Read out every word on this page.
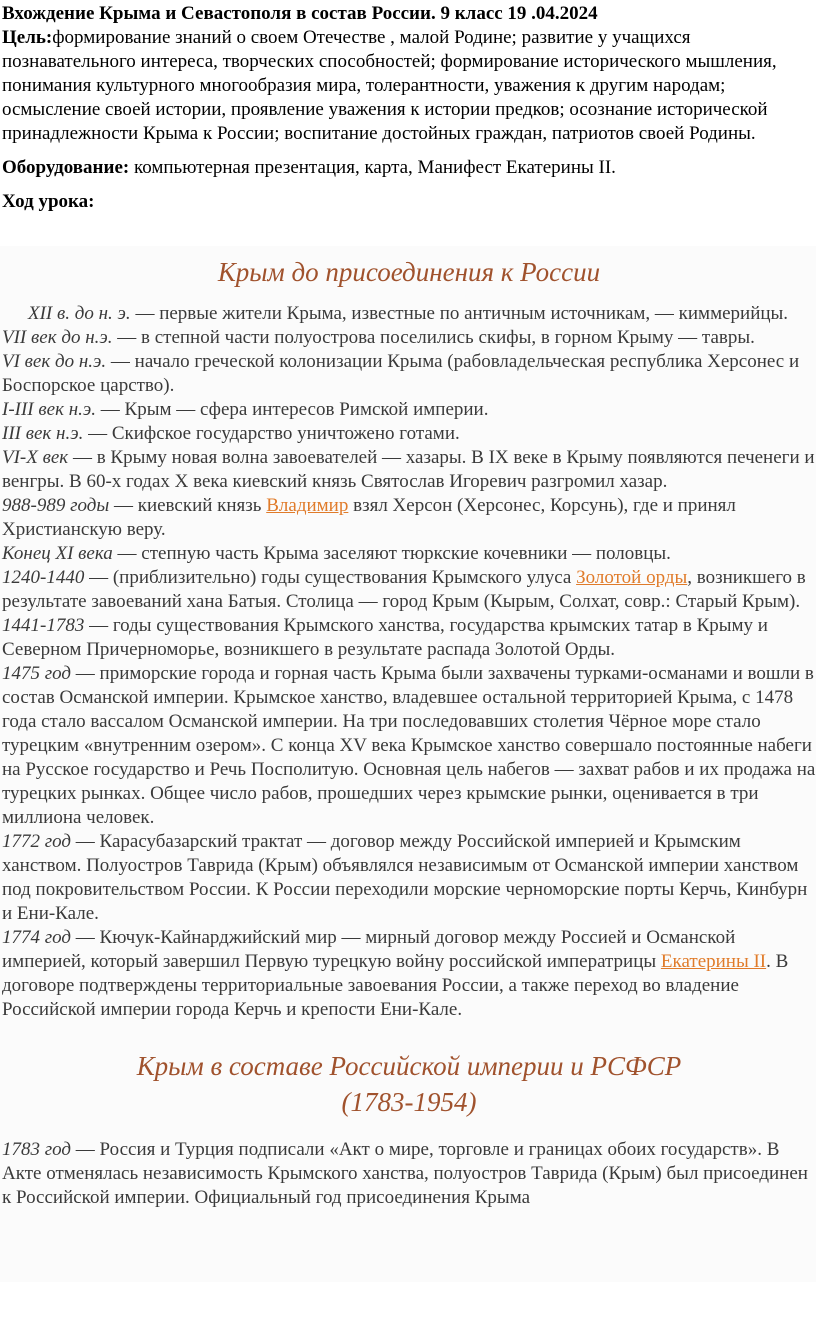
Вхождение Крыма и Севастополя в состав России. 9 класс 19 .04.2024

Цель:формирование знаний о своем Отечестве , малой Родине; развитие у учащихся познавательного интереса, творческих способностей; формирование исторического мышления, понимания культурного многообразия мира, толерантности, уважения к другим народам; осмысление своей истории, проявление уважения к истории предков; осознание исторической принадлежности Крыма к России; воспитание достойных граждан, патриотов своей Родины.

Оборудование: компьютерная презентация, карта, Манифест Екатерины II.

Ход урока:

Крым до присоединения к России

XII в. до н. э. — первые жители Крыма, известные по античным источникам, — киммерийцы.

VII век до н.э. — в степной части полуострова поселились скифы, в горном Крыму — тавры.

VI век до н.э. — начало греческой колонизации Крыма (рабовладельческая республика Херсонес и Боспорское царство).

I-III век н.э. — Крым — сфера интересов Римской империи.

III век н.э. — Скифское государство уничтожено готами.

VI-X век — в Крыму новая волна завоевателей — хазары. В IX веке в Крыму появляются печенеги и венгры. В 60-х годах X века киевский князь Святослав Игоревич разгромил хазар.

988-989 годы — киевский князь Владимир взял Херсон (Херсонес, Корсунь), где и принял Христианскую веру.

Конец XI века — степную часть Крыма заселяют тюркские кочевники — половцы.

1240-1440 — (приблизительно) годы существования Крымского улуса Золотой орды, возникшего в результате завоеваний хана Батыя. Столица — город Крым (Кырым, Солхат, совр.: Старый Крым).

1441-1783 — годы существования Крымского ханства, государства крымских татар в Крыму и Северном Причерноморье, возникшего в результате распада Золотой Орды.

1475 год — приморские города и горная часть Крыма были захвачены турками-османами и вошли в состав Османской империи. Крымское ханство, владевшее остальной территорией Крыма, с 1478 года стало вассалом Османской империи. На три последовавших столетия Чёрное море стало турецким «внутренним озером». С конца XV века Крымское ханство совершало постоянные набеги на Русское государство и Речь Посполитую. Основная цель набегов — захват рабов и их продажа на турецких рынках. Общее число рабов, прошедших через крымские рынки, оценивается в три миллиона человек.

1772 год — Карасубазарский трактат — договор между Российской империей и Крымским ханством. Полуостров Таврида (Крым) объявлялся независимым от Османской империи ханством под покровительством России. К России переходили морские черноморские порты Керчь, Кинбурн и Ени-Кале.

1774 год — Кючук-Кайнарджийский мир — мирный договор между Россией и Османской империей, который завершил Первую турецкую войну российской императрицы Екатерины II. В договоре подтверждены территориальные завоевания России, а также переход во владение Российской империи города Керчь и крепости Ени-Кале.

Крым в составе Российской империи и РСФСР

(1783-1954)

1783 год — Россия и Турция подписали «Акт о мире, торговле и границах обоих государств». В Акте отменялась независимость Крымского ханства, полуостров Таврида (Крым) был присоединен к Российской империи. Официальный год присоединения Крыма
